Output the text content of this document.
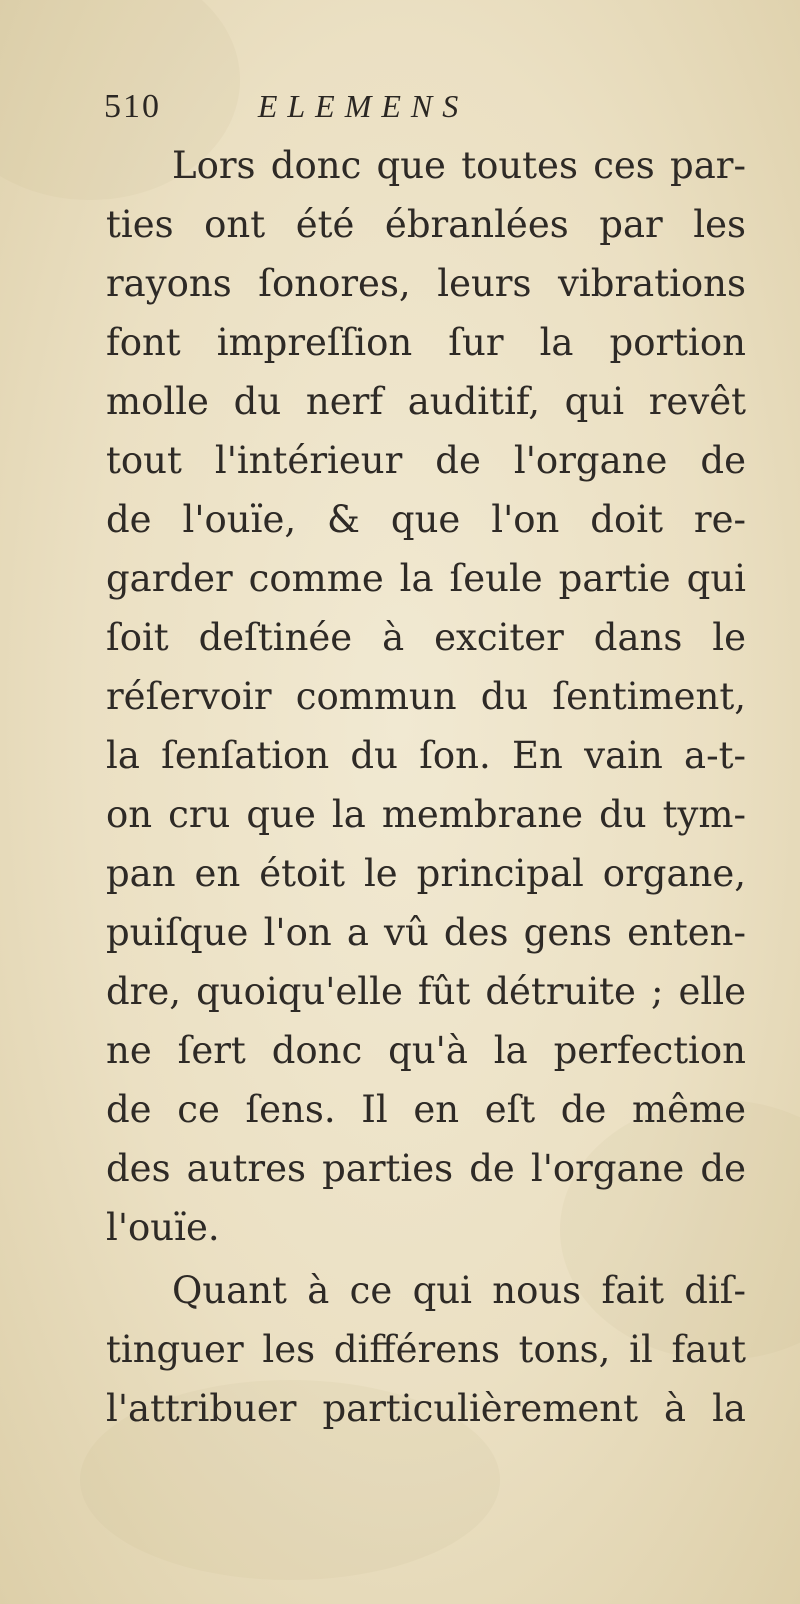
510	ELEMENS
Lors donc que toutes ces par-
ties ont été ébranlées par les
rayons ſonores, leurs vibrations
font impreſſion ſur la portion
molle du nerf auditif, qui revêt
tout l'intérieur de l'organe de
de l'ouïe, & que l'on doit re-
garder comme la ſeule partie qui
ſoit deſtinée à exciter dans le
réſervoir commun du ſentiment,
la ſenſation du ſon. En vain a-t-
on cru que la membrane du tym-
pan en étoit le principal organe,
puiſque l'on a vû des gens enten-
dre, quoiqu'elle fût détruite ; elle
ne ſert donc qu'à la perfection
de ce ſens. Il en eſt de même
des autres parties de l'organe de
l'ouïe.
Quant à ce qui nous fait diſ-
tinguer les différens tons, il faut
l'attribuer particulièrement à la
